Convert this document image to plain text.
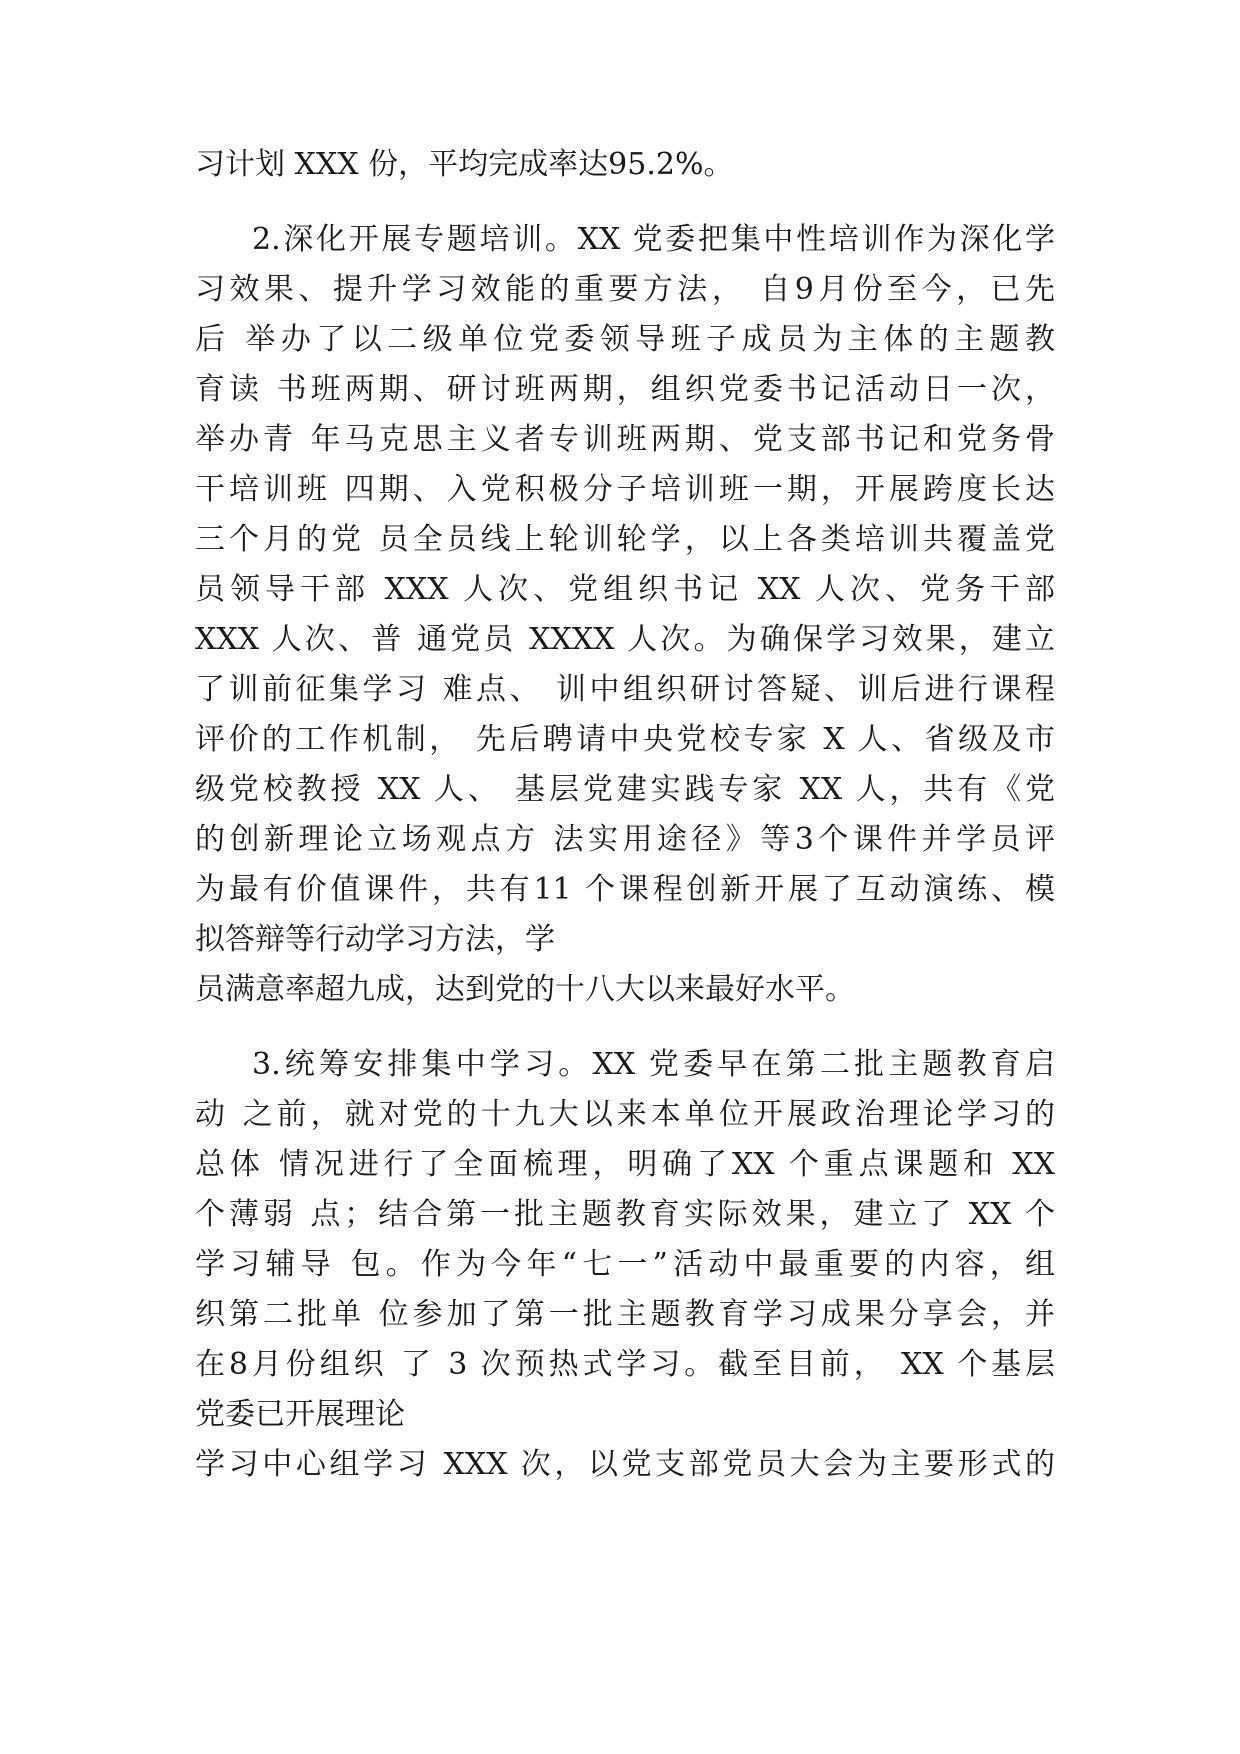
习计划 XXX 份，平均完成率达95.2%。
2.深化开展专题培训。XX 党委把集中性培训作为深化学
习效果、提升学习效能的重要方法， 自9月份至今，已先
后 举办了以二级单位党委领导班子成员为主体的主题教
育读 书班两期、研讨班两期，组织党委书记活动日一次，
举办青 年马克思主义者专训班两期、党支部书记和党务骨
干培训班 四期、入党积极分子培训班一期，开展跨度长达
三个月的党 员全员线上轮训轮学，以上各类培训共覆盖党
员领导干部 XXX 人次、党组织书记 XX 人次、党务干部
XXX 人次、普 通党员 XXXX 人次。为确保学习效果，建立
了训前征集学习 难点、 训中组织研讨答疑、训后进行课程
评价的工作机制， 先后聘请中央党校专家 X 人、省级及市
级党校教授 XX 人、 基层党建实践专家 XX 人，共有《党
的创新理论立场观点方 法实用途径》等3个课件并学员评
为最有价值课件，共有11 个课程创新开展了互动演练、模
拟答辩等行动学习方法，学
员满意率超九成，达到党的十八大以来最好水平。
3.统筹安排集中学习。XX 党委早在第二批主题教育启
动 之前，就对党的十九大以来本单位开展政治理论学习的
总体 情况进行了全面梳理，明确了XX 个重点课题和 XX
个薄弱 点；结合第一批主题教育实际效果，建立了 XX 个
学习辅导 包。作为今年“七一”活动中最重要的内容，组
织第二批单 位参加了第一批主题教育学习成果分享会，并
在8月份组织 了 3 次预热式学习。截至目前， XX 个基层
党委已开展理论
学习中心组学习 XXX 次，以党支部党员大会为主要形式的
